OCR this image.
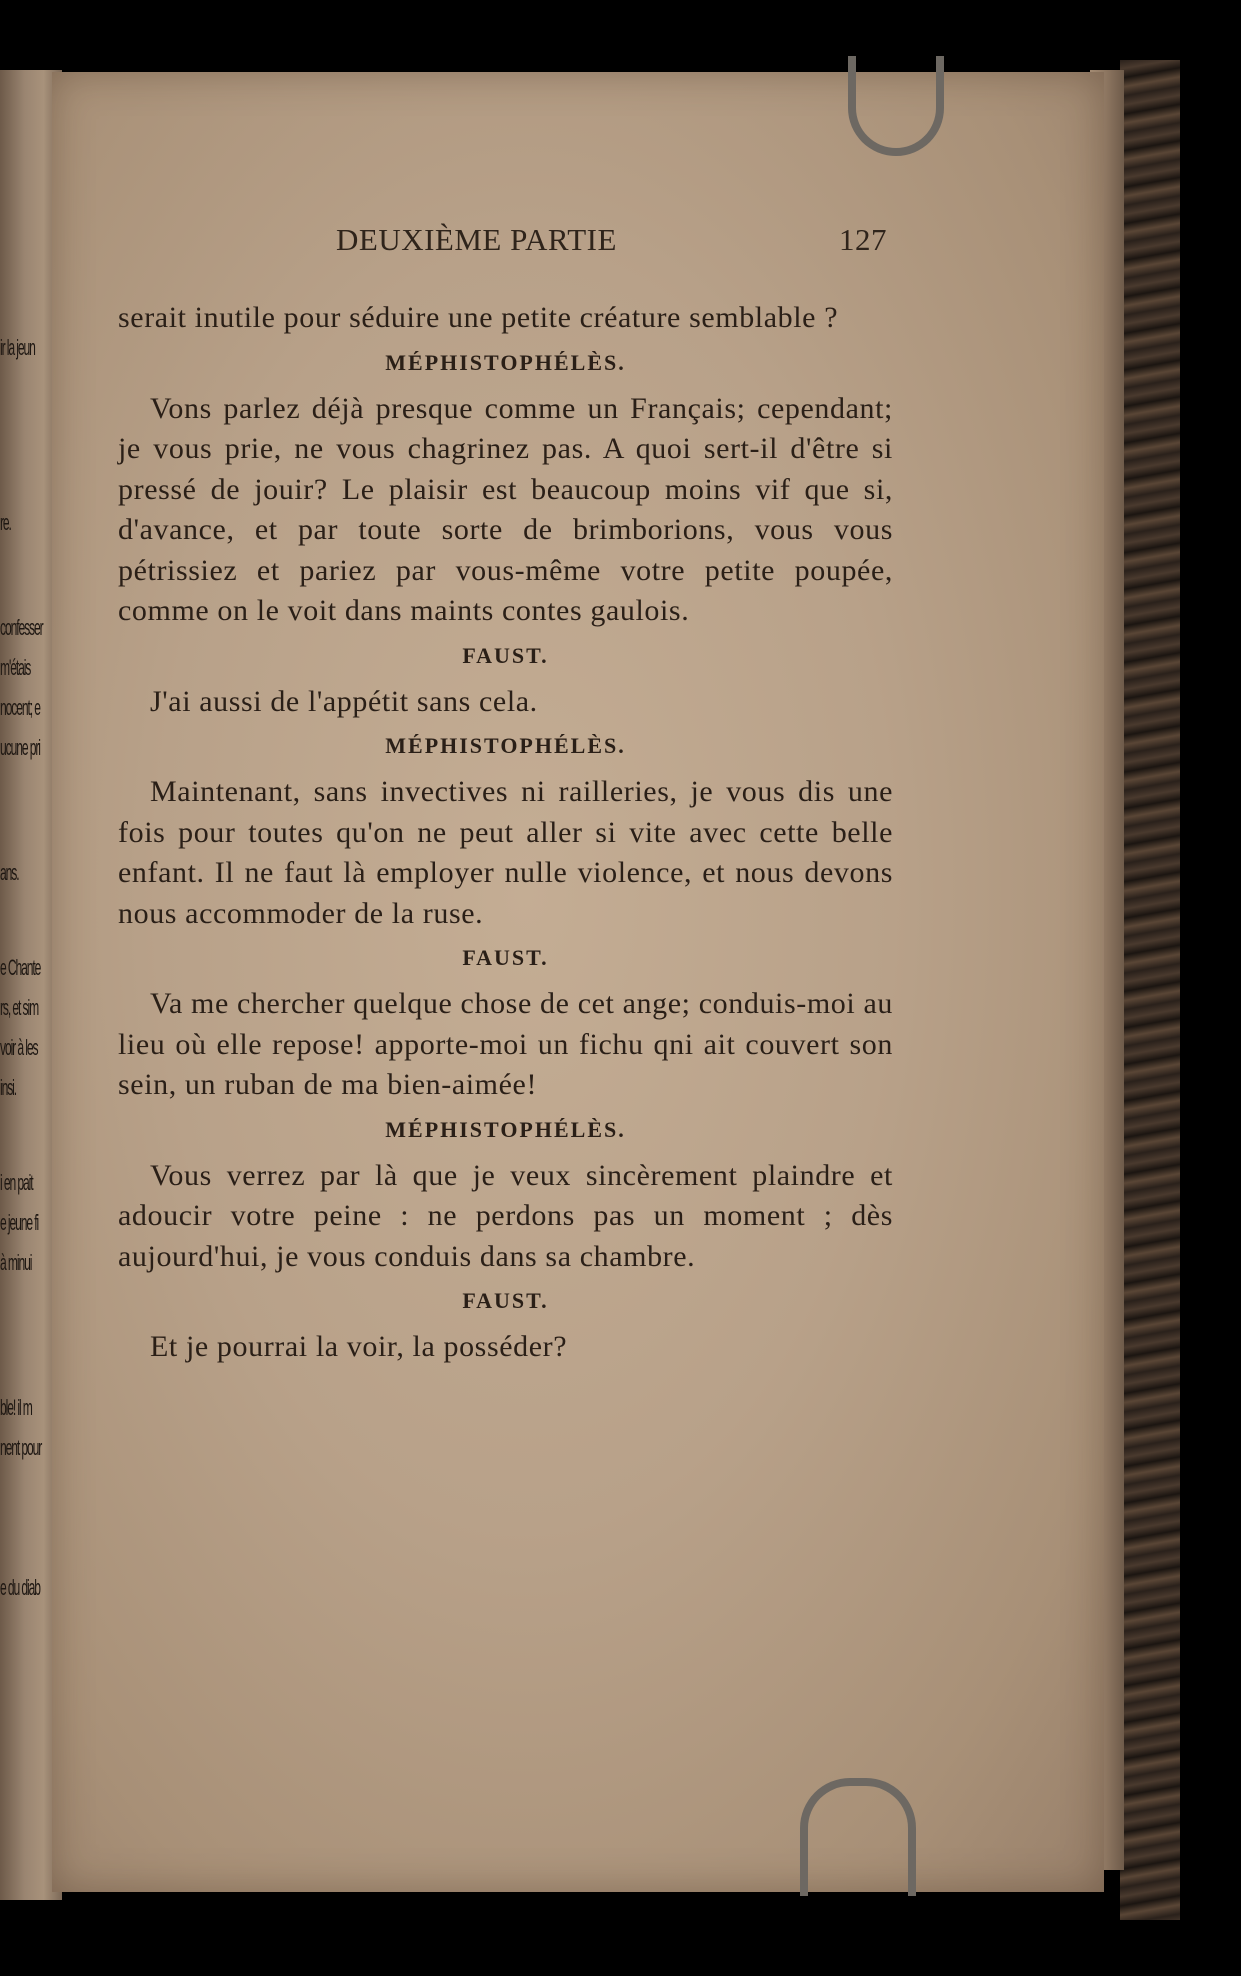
ir la jeun
re.
confesser
m'étais
nocent; e
ucune pri
ans.
e Chante
rs, et sim
voir à les
insi.
i en pait
e jeune fi
à minui
ble! il m
nent pour
e du diab
DEUXIÈME PARTIE	127

serait inutile pour séduire une petite créature semblable ?

MÉPHISTOPHÉLÈS.

Vons parlez déjà presque comme un Français; cependant; je vous prie, ne vous chagrinez pas. A quoi sert-il d'être si pressé de jouir? Le plaisir est beaucoup moins vif que si, d'avance, et par toute sorte de brimborions, vous vous pétrissiez et pariez par vous-même votre petite poupée, comme on le voit dans maints contes gaulois.

FAUST.

J'ai aussi de l'appétit sans cela.

MÉPHISTOPHÉLÈS.

Maintenant, sans invectives ni railleries, je vous dis une fois pour toutes qu'on ne peut aller si vite avec cette belle enfant. Il ne faut là employer nulle violence, et nous devons nous accommoder de la ruse.

FAUST.

Va me chercher quelque chose de cet ange; conduis-moi au lieu où elle repose! apporte-moi un fichu qni ait couvert son sein, un ruban de ma bien-aimée!

MÉPHISTOPHÉLÈS.

Vous verrez par là que je veux sincèrement plaindre et adoucir votre peine : ne perdons pas un moment ; dès aujourd'hui, je vous conduis dans sa chambre.

FAUST.

Et je pourrai la voir, la posséder?
